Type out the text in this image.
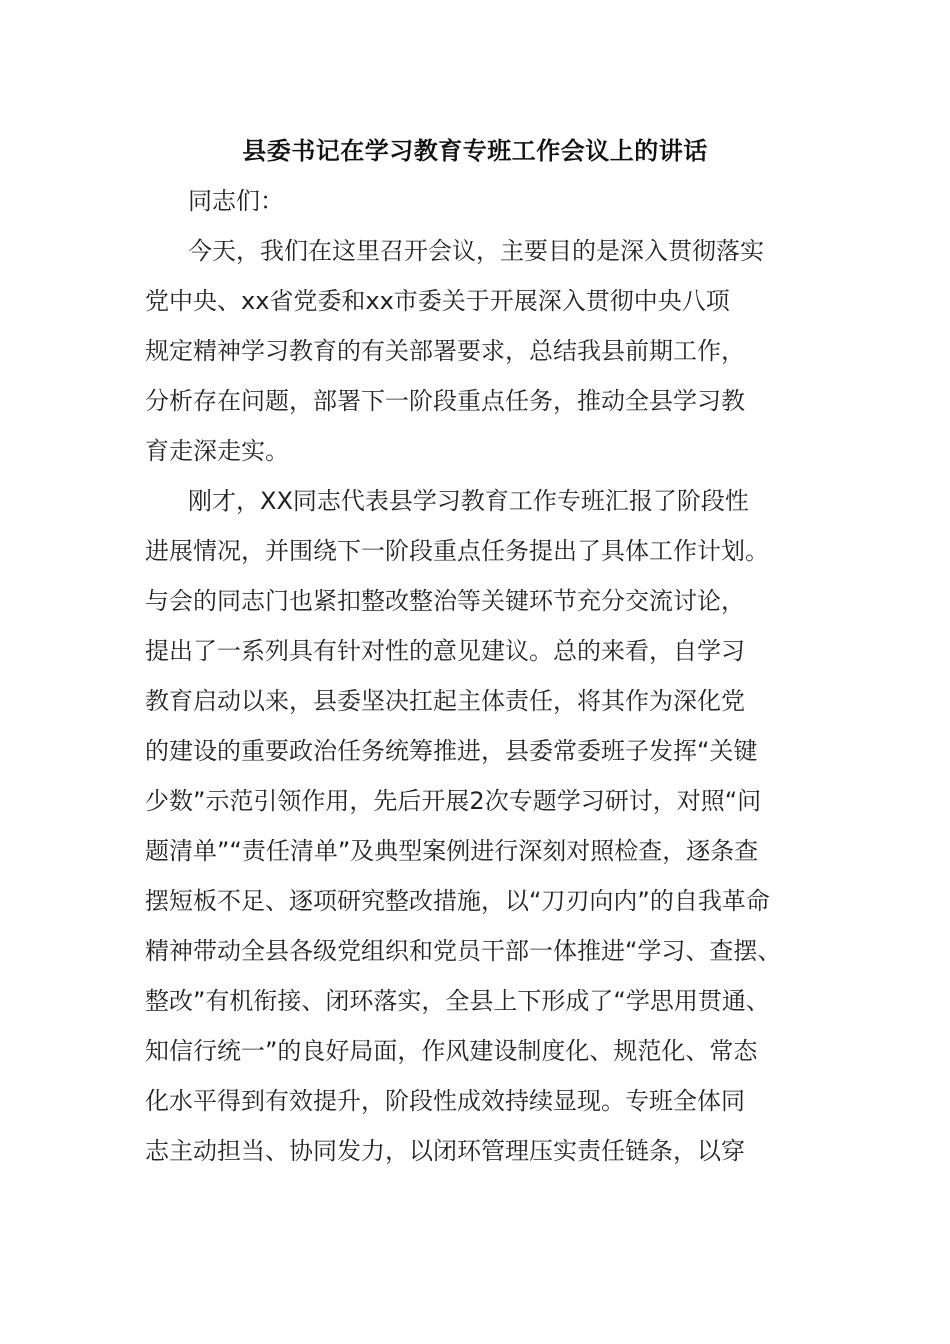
县委书记在学习教育专班工作会议上的讲话
同志们：
今天，我们在这里召开会议，主要目的是深入贯彻落实
党中央、xx省党委和xx市委关于开展深入贯彻中央八项
规定精神学习教育的有关部署要求，总结我县前期工作，
分析存在问题，部署下一阶段重点任务，推动全县学习教
育走深走实。
刚才，XX同志代表县学习教育工作专班汇报了阶段性
进展情况，并围绕下一阶段重点任务提出了具体工作计划。
与会的同志门也紧扣整改整治等关键环节充分交流讨论，
提出了一系列具有针对性的意见建议。总的来看，自学习
教育启动以来，县委坚决扛起主体责任，将其作为深化党
的建设的重要政治任务统筹推进，县委常委班子发挥“关键
少数”示范引领作用，先后开展2次专题学习研讨，对照“问
题清单”“责任清单”及典型案例进行深刻对照检查，逐条查
摆短板不足、逐项研究整改措施，以“刀刃向内”的自我革命
精神带动全县各级党组织和党员干部一体推进“学习、查摆、
整改”有机衔接、闭环落实，全县上下形成了“学思用贯通、
知信行统一”的良好局面，作风建设制度化、规范化、常态
化水平得到有效提升，阶段性成效持续显现。专班全体同
志主动担当、协同发力，以闭环管理压实责任链条，以穿
